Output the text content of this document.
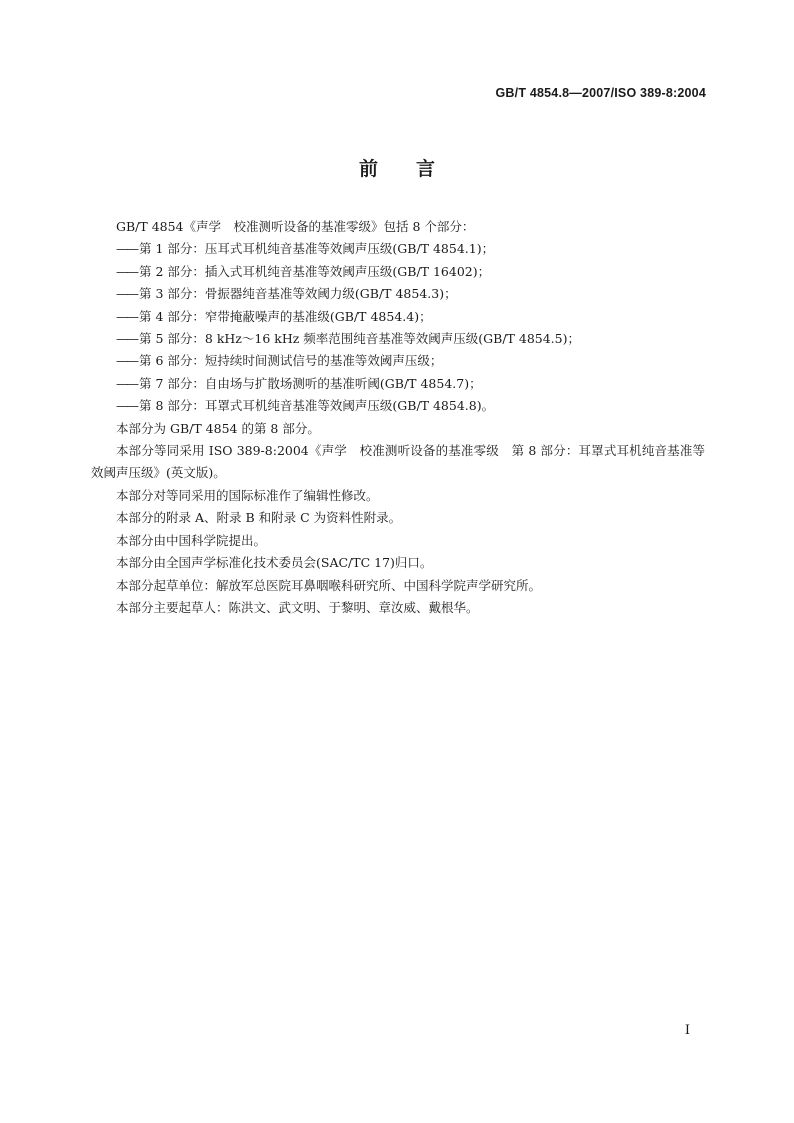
GB/T 4854.8—2007/ISO 389-8:2004
前言

GB/T 4854《声学　校准测听设备的基准零级》包括 8 个部分：

—— 第 1 部分：压耳式耳机纯音基准等效阈声压级(GB/T 4854.1)；

—— 第 2 部分：插入式耳机纯音基准等效阈声压级(GB/T 16402)；

—— 第 3 部分：骨振器纯音基准等效阈力级(GB/T 4854.3)；

—— 第 4 部分：窄带掩蔽噪声的基准级(GB/T 4854.4)；

—— 第 5 部分：8 kHz～16 kHz 频率范围纯音基准等效阈声压级(GB/T 4854.5)；

—— 第 6 部分：短持续时间测试信号的基准等效阈声压级；

—— 第 7 部分：自由场与扩散场测听的基准听阈(GB/T 4854.7)；

—— 第 8 部分：耳罩式耳机纯音基准等效阈声压级(GB/T 4854.8)。

本部分为 GB/T 4854 的第 8 部分。

本部分等同采用 ISO 389-8:2004《声学　校准测听设备的基准零级　第 8 部分：耳罩式耳机纯音基准等效阈声压级》(英文版)。

本部分对等同采用的国际标准作了编辑性修改。

本部分的附录 A、附录 B 和附录 C 为资料性附录。

本部分由中国科学院提出。

本部分由全国声学标准化技术委员会(SAC/TC 17)归口。

本部分起草单位：解放军总医院耳鼻咽喉科研究所、中国科学院声学研究所。

本部分主要起草人：陈洪文、武文明、于黎明、章汝威、戴根华。

I
